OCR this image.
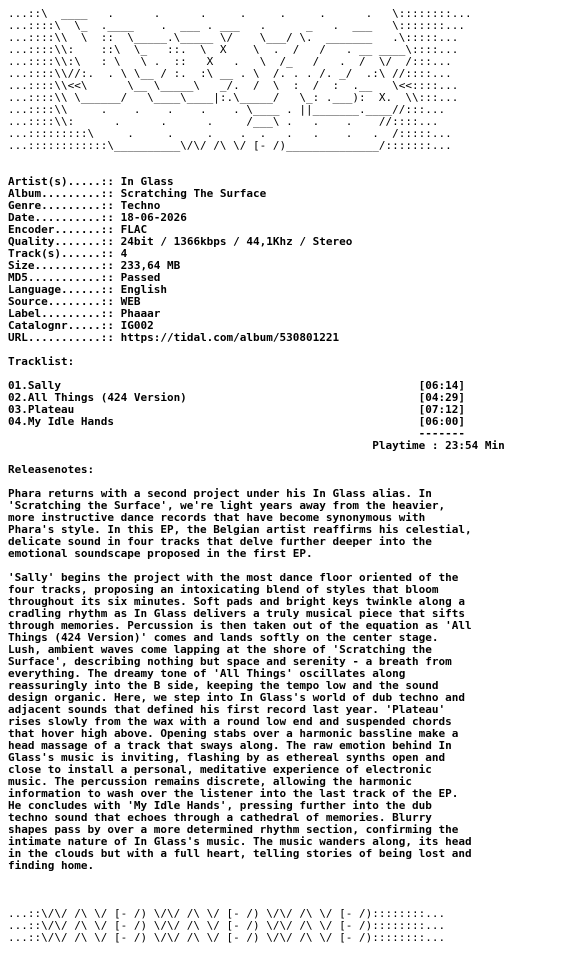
...::\  ____   .      .      .     .     .     .      .   \::::::::...
...::::\  \_  .____    .  ___ . ___   .      _   .  ___   \:::::::...
...::::\\  \  ::  \_____.\_____ \/    \___/ \.  _______   .\:::::...
...::::\\:    ::\  \_   ::.  \  X    \  .  /   /   . __ ____\::::...
...::::\\:\   : \   \ .  ::   X   .   \  /_   /   .  /  \/  /:::...
...::::\\//:.  . \ \__ / :.  :\ __ . \  /. . . /. _/  .:\ //::::...
...::::\\<<\      \__ \_____\   _/.  /  \  :  /  :  .__   \<<::::...
...::::\\ \______/   \____\____|:.\_____/   \_: .___):  X.  \\:::...
...::::\\     .    .    .    .    . \____ . ||_______.____//:::...
...::::\\:      .      .      .     /___\ .   .    .    //::::...
...:::::::::\     .     .     .    .  .   .   .    .   .  /:::::...
...::::::::::::\__________\/\/ /\ \/ [- /)______________/:::::::...
Artist(s).....:: In Glass
Album.........:: Scratching The Surface
Genre.........:: Techno
Date..........:: 18-06-2026
Encoder.......:: FLAC
Quality.......:: 24bit / 1366kbps / 44,1Khz / Stereo
Track(s)......:: 4
Size..........:: 233,64 MB
MD5...........:: Passed
Language......:: English
Source........:: WEB
Label.........:: Phaaar
Catalognr.....:: IG002
URL...........:: https://tidal.com/album/530801221
Tracklist:
01.Sally                                                      [06:14]
02.All Things (424 Version)                                   [04:29]
03.Plateau                                                    [07:12]
04.My Idle Hands                                              [06:00]
-------
Playtime : 23:54 Min
Releasenotes:
Phara returns with a second project under his In Glass alias. In
'Scratching the Surface', we're light years away from the heavier,
more instructive dance records that have become synonymous with
Phara's style. In this EP, the Belgian artist reaffirms his celestial,
delicate sound in four tracks that delve further deeper into the
emotional soundscape proposed in the first EP.
'Sally' begins the project with the most dance floor oriented of the
four tracks, proposing an intoxicating blend of styles that bloom
throughout its six minutes. Soft pads and bright keys twinkle along a
cradling rhythm as In Glass delivers a truly musical piece that sifts
through memories. Percussion is then taken out of the equation as 'All
Things (424 Version)' comes and lands softly on the center stage.
Lush, ambient waves come lapping at the shore of 'Scratching the
Surface', describing nothing but space and serenity - a breath from
everything. The dreamy tone of 'All Things' oscillates along
reassuringly into the B side, keeping the tempo low and the sound
design organic. Here, we step into In Glass's world of dub techno and
adjacent sounds that defined his first record last year. 'Plateau'
rises slowly from the wax with a round low end and suspended chords
that hover high above. Opening stabs over a harmonic bassline make a
head massage of a track that sways along. The raw emotion behind In
Glass's music is inviting, flashing by as ethereal synths open and
close to install a personal, meditative experience of electronic
music. The percussion remains discrete, allowing the harmonic
information to wash over the listener into the last track of the EP.
He concludes with 'My Idle Hands', pressing further into the dub
techno sound that echoes through a cathedral of memories. Blurry
shapes pass by over a more determined rhythm section, confirming the
intimate nature of In Glass's music. The music wanders along, its head
in the clouds but with a full heart, telling stories of being lost and
finding home.
...::\/\/ /\ \/ [- /) \/\/ /\ \/ [- /) \/\/ /\ \/ [- /)::::::::...
...::\/\/ /\ \/ [- /) \/\/ /\ \/ [- /) \/\/ /\ \/ [- /)::::::::...
...::\/\/ /\ \/ [- /) \/\/ /\ \/ [- /) \/\/ /\ \/ [- /)::::::::...
